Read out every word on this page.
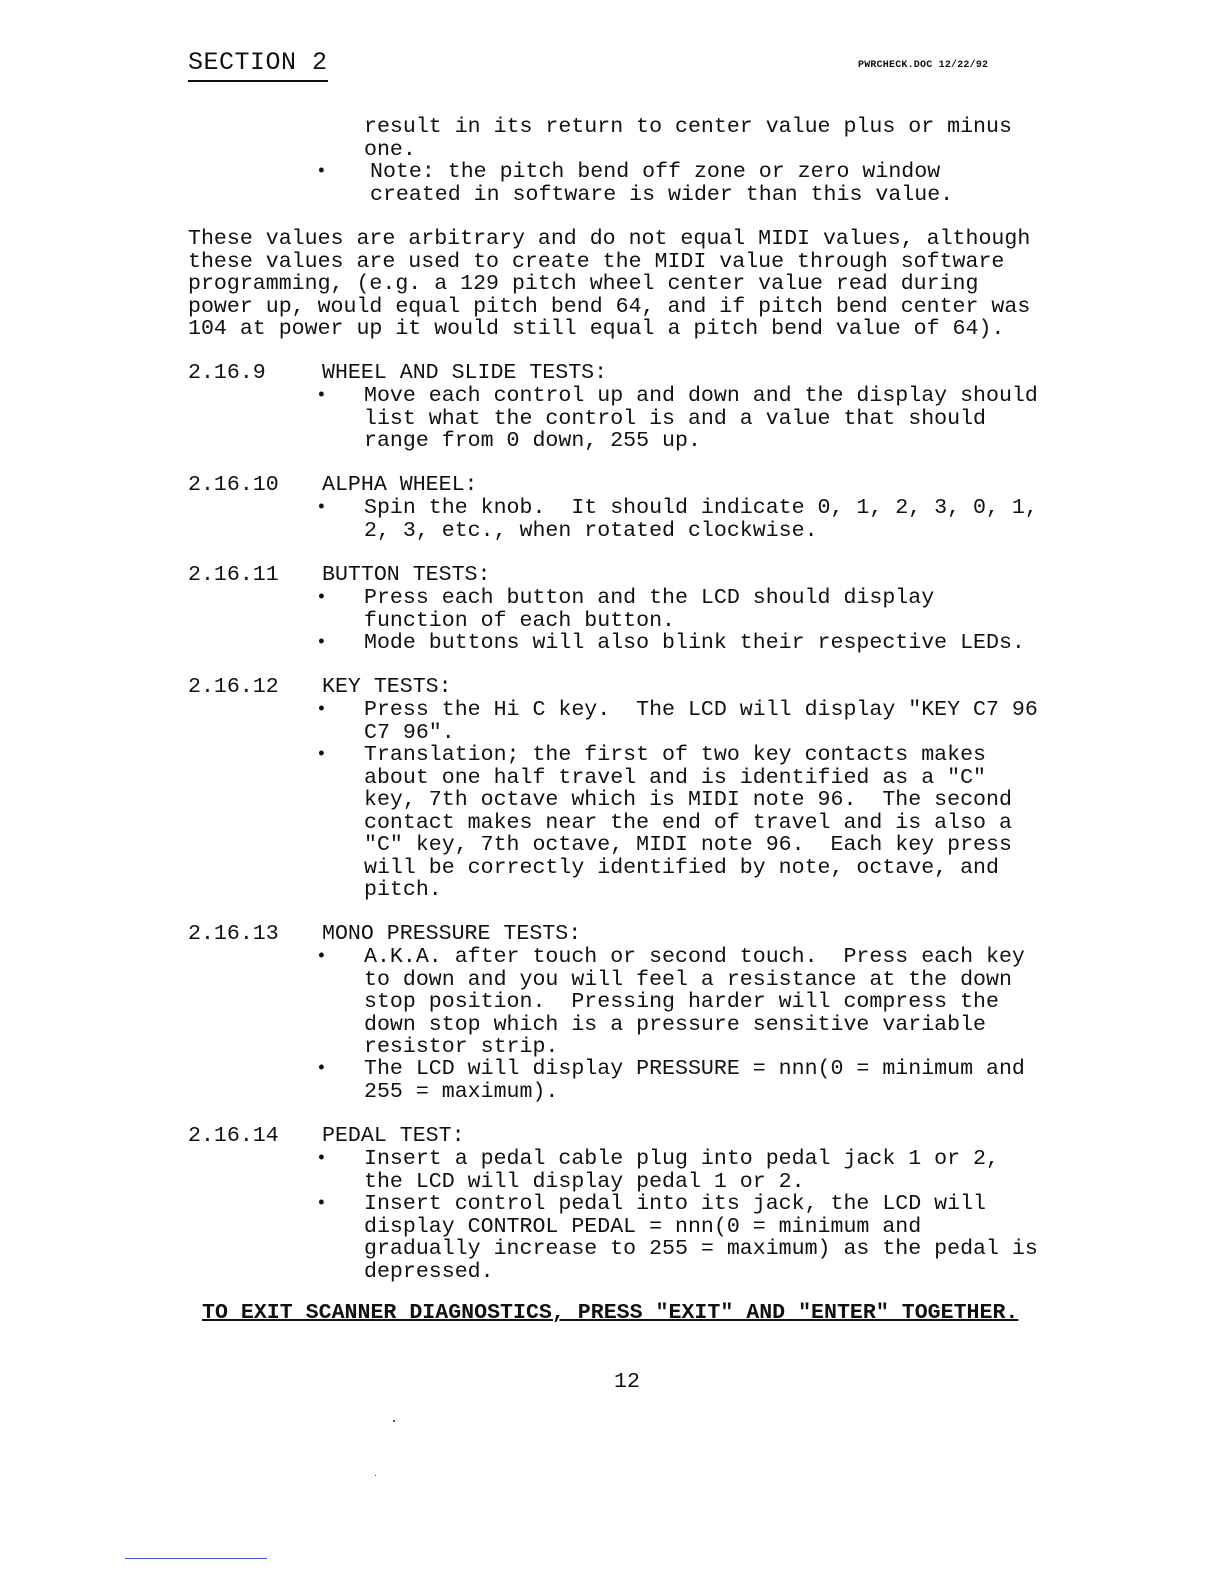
SECTION 2	PWRCHECK.DOC 12/22/92
result in its return to center value plus or minus
one.
• Note: the pitch bend off zone or zero window
created in software is wider than this value.
These values are arbitrary and do not equal MIDI values, although
these values are used to create the MIDI value through software
programming, (e.g. a 129 pitch wheel center value read during
power up, would equal pitch bend 64, and if pitch bend center was
104 at power up it would still equal a pitch bend value of 64).
2.16.9	WHEEL AND SLIDE TESTS:
• Move each control up and down and the display should
list what the control is and a value that should
range from 0 down, 255 up.
2.16.10 ALPHA WHEEL:
• Spin the knob.  It should indicate 0, 1, 2, 3, 0, 1,
2, 3, etc., when rotated clockwise.
2.16.11 BUTTON TESTS:
• Press each button and the LCD should display
function of each button.
• Mode buttons will also blink their respective LEDs.
2.16.12 KEY TESTS:
• Press the Hi C key.  The LCD will display "KEY C7 96
C7 96".
• Translation; the first of two key contacts makes
about one half travel and is identified as a "C"
key, 7th octave which is MIDI note 96.  The second
contact makes near the end of travel and is also a
"C" key, 7th octave, MIDI note 96.  Each key press
will be correctly identified by note, octave, and
pitch.
2.16.13 MONO PRESSURE TESTS:
• A.K.A. after touch or second touch.  Press each key
to down and you will feel a resistance at the down
stop position.  Pressing harder will compress the
down stop which is a pressure sensitive variable
resistor strip.
• The LCD will display PRESSURE = nnn(0 = minimum and
255 = maximum).
2.16.14 PEDAL TEST:
• Insert a pedal cable plug into pedal jack 1 or 2,
the LCD will display pedal 1 or 2.
• Insert control pedal into its jack, the LCD will
display CONTROL PEDAL = nnn(0 = minimum and
gradually increase to 255 = maximum) as the pedal is
depressed.
TO EXIT SCANNER DIAGNOSTICS, PRESS "EXIT" AND "ENTER" TOGETHER.
12
